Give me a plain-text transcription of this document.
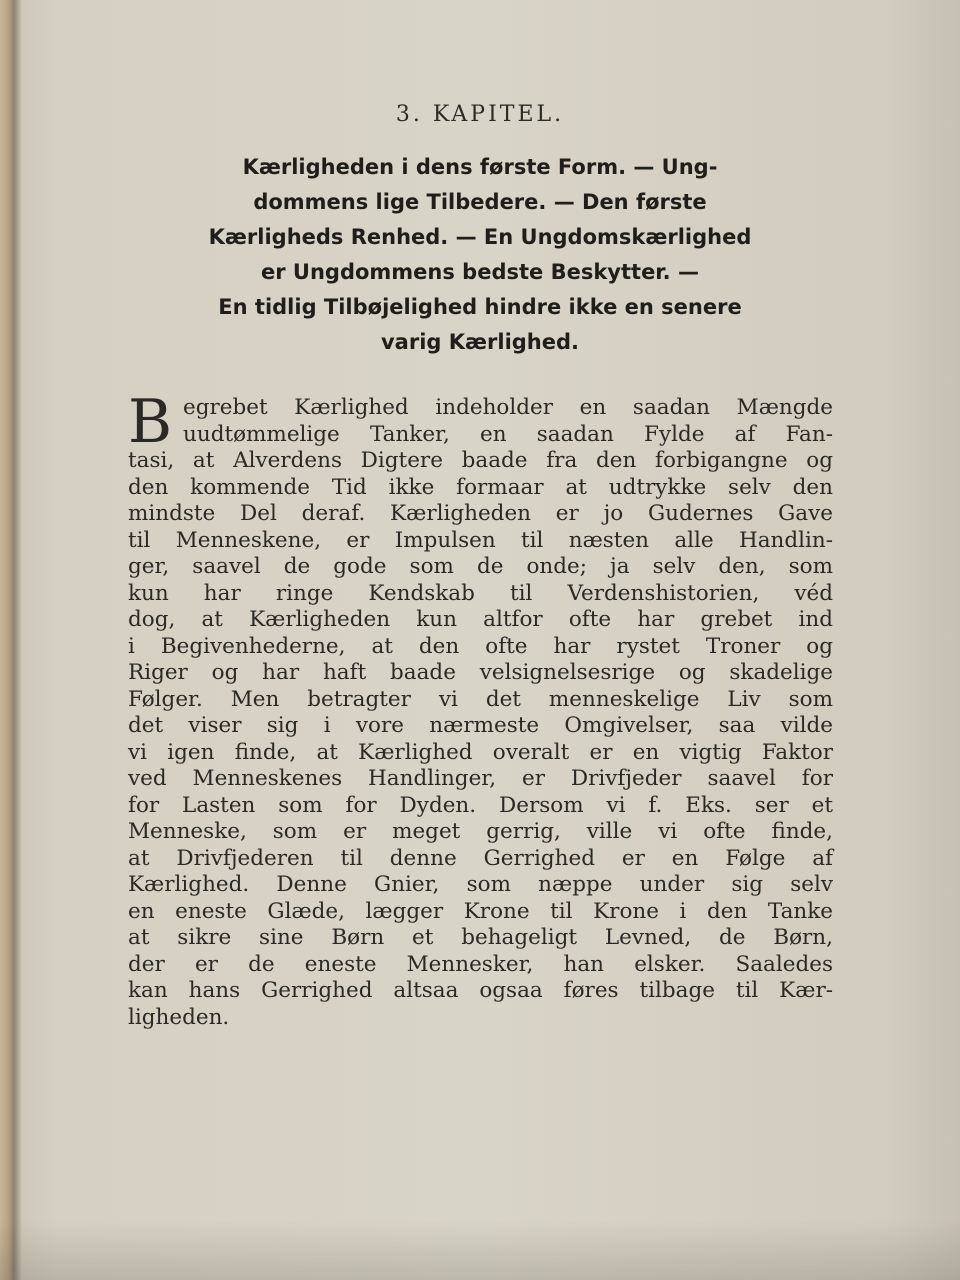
3. KAPITEL.
Kærligheden i dens første Form. — Ung-
dommens lige Tilbedere. — Den første
Kærligheds Renhed. — En Ungdomskærlighed
er Ungdommens bedste Beskytter. —
En tidlig Tilbøjelighed hindre ikke en senere
varig Kærlighed.
B egrebet Kærlighed indeholder en saadan Mængde
uudtømmelige Tanker, en saadan Fylde af Fan-
tasi, at Alverdens Digtere baade fra den forbigangne og
den kommende Tid ikke formaar at udtrykke selv den
mindste Del deraf. Kærligheden er jo Gudernes Gave
til Menneskene, er Impulsen til næsten alle Handlin-
ger, saavel de gode som de onde; ja selv den, som
kun har ringe Kendskab til Verdenshistorien, véd
dog, at Kærligheden kun altfor ofte har grebet ind
i Begivenhederne, at den ofte har rystet Troner og
Riger og har haft baade velsignelsesrige og skadelige
Følger. Men betragter vi det menneskelige Liv som
det viser sig i vore nærmeste Omgivelser, saa vilde
vi igen finde, at Kærlighed overalt er en vigtig Faktor
ved Menneskenes Handlinger, er Drivfjeder saavel for
for Lasten som for Dyden. Dersom vi f. Eks. ser et
Menneske, som er meget gerrig, ville vi ofte finde,
at Drivfjederen til denne Gerrighed er en Følge af
Kærlighed. Denne Gnier, som næppe under sig selv
en eneste Glæde, lægger Krone til Krone i den Tanke
at sikre sine Børn et behageligt Levned, de Børn,
der er de eneste Mennesker, han elsker. Saaledes
kan hans Gerrighed altsaa ogsaa føres tilbage til Kær-
ligheden.
